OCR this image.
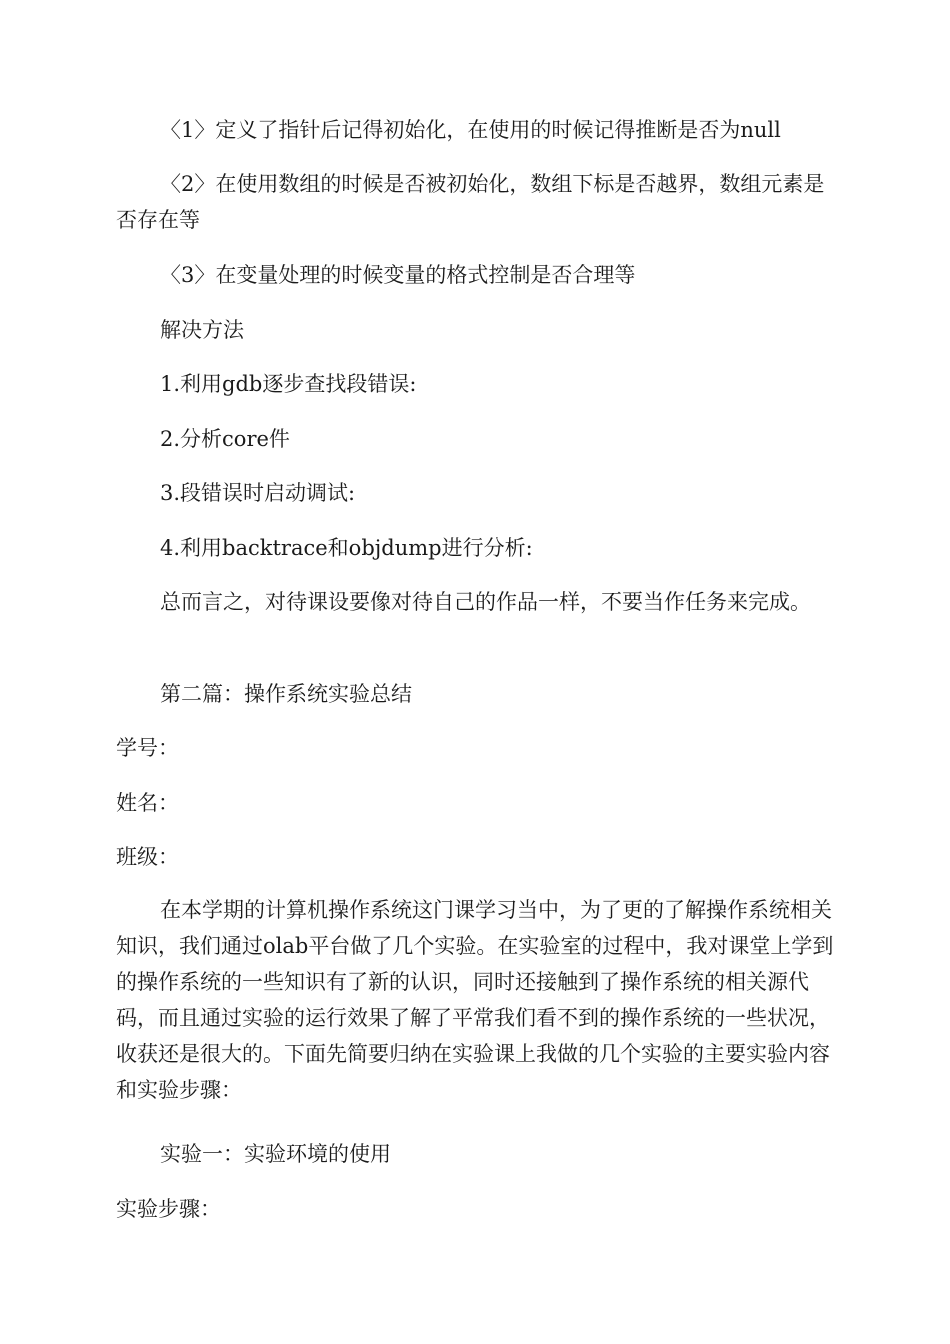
〈1〉定义了指针后记得初始化，在使用的时候记得推断是否为null

〈2〉在使用数组的时候是否被初始化，数组下标是否越界，数组元素是否存在等

〈3〉在变量处理的时候变量的格式控制是否合理等

解决方法

1.利用gdb逐步查找段错误:

2.分析core件

3.段错误时启动调试:

4.利用backtrace和objdump进行分析:

总而言之，对待课设要像对待自己的作品一样，不要当作任务来完成。

第二篇：操作系统实验总结

学号：

姓名：

班级：

在本学期的计算机操作系统这门课学习当中，为了更的了解操作系统相关知识，我们通过olab平台做了几个实验。在实验室的过程中，我对课堂上学到的操作系统的一些知识有了新的认识，同时还接触到了操作系统的相关源代码，而且通过实验的运行效果了解了平常我们看不到的操作系统的一些状况，收获还是很大的。下面先简要归纳在实验课上我做的几个实验的主要实验内容和实验步骤：

实验一：实验环境的使用

实验步骤：
